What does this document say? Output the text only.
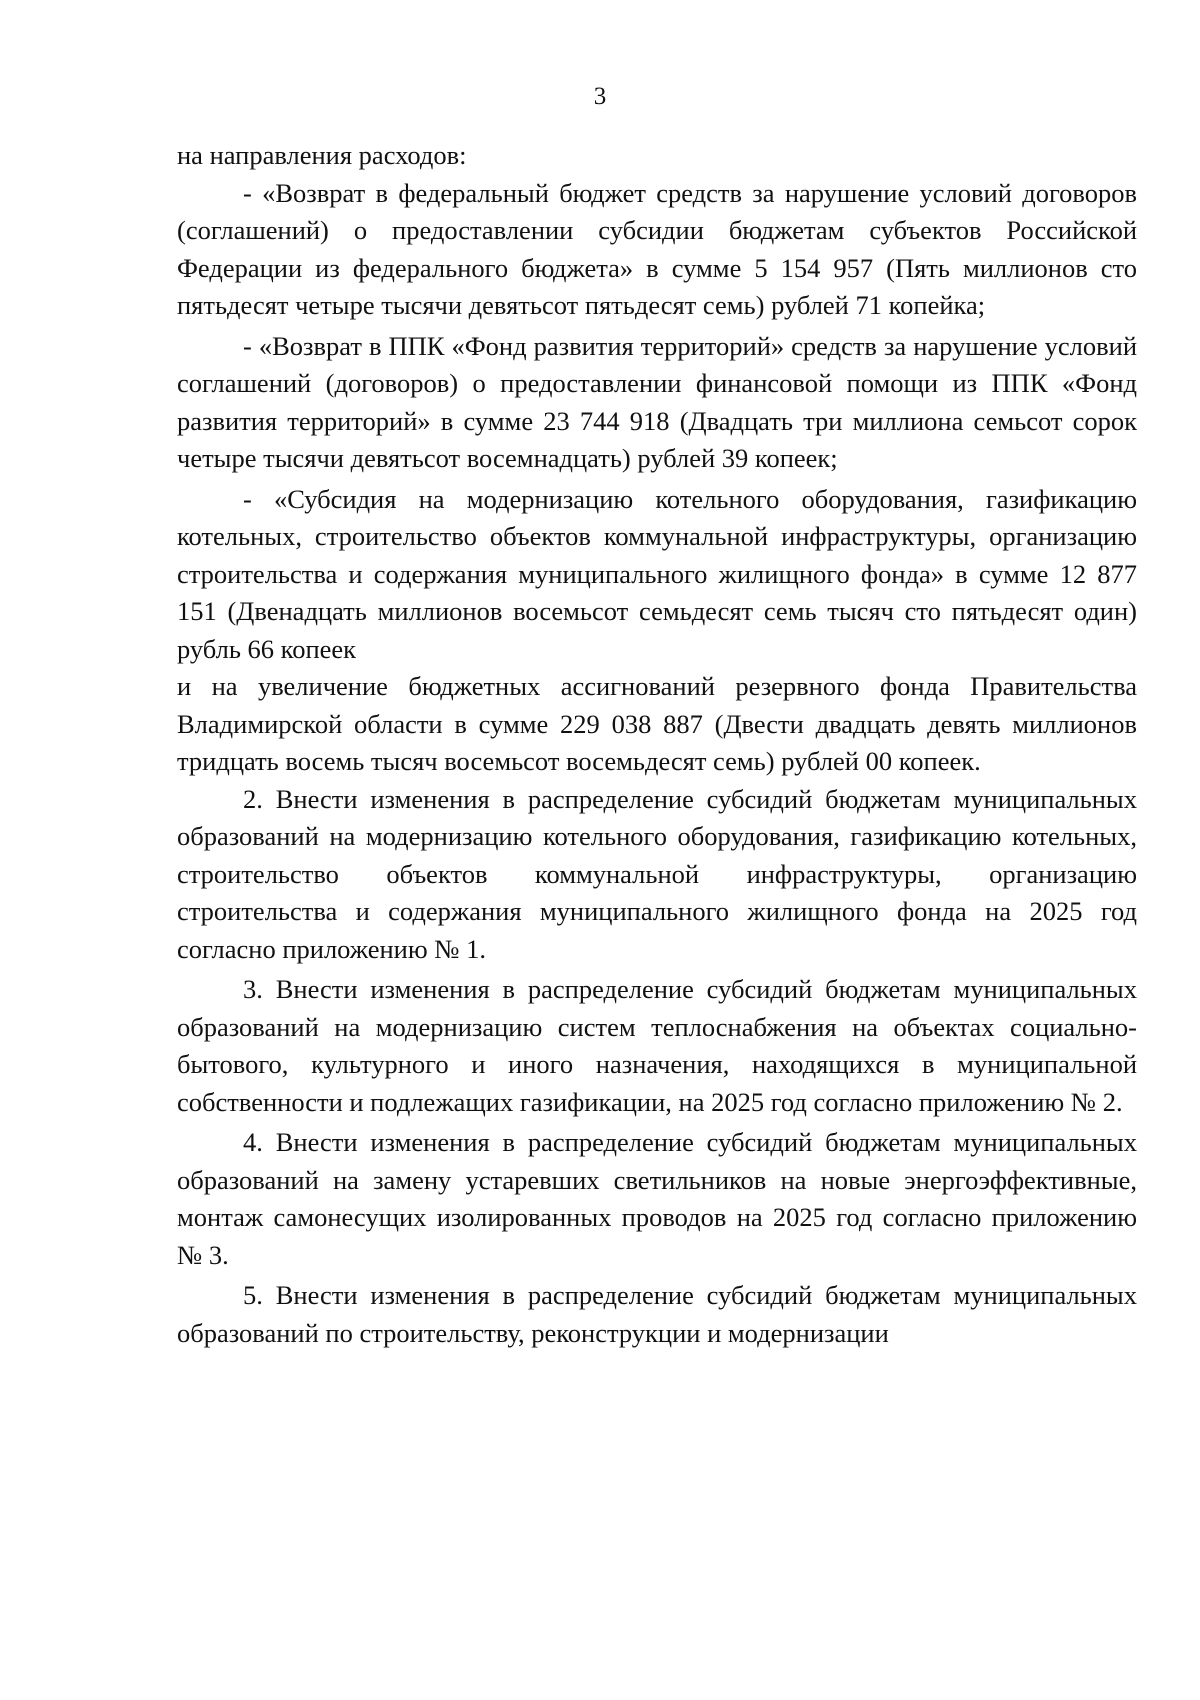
3

на направления расходов:

- «Возврат в федеральный бюджет средств за нарушение условий договоров (соглашений) о предоставлении субсидии бюджетам субъектов Российской Федерации из федерального бюджета» в сумме 5 154 957 (Пять миллионов сто пятьдесят четыре тысячи девятьсот пятьдесят семь) рублей 71 копейка;

- «Возврат в ППК «Фонд развития территорий» средств за нарушение условий соглашений (договоров) о предоставлении финансовой помощи из ППК «Фонд развития территорий» в сумме 23 744 918 (Двадцать три миллиона семьсот сорок четыре тысячи девятьсот восемнадцать) рублей 39 копеек;

- «Субсидия на модернизацию котельного оборудования, газификацию котельных, строительство объектов коммунальной инфраструктуры, организацию строительства и содержания муниципального жилищного фонда» в сумме 12 877 151 (Двенадцать миллионов восемьсот семьдесят семь тысяч сто пятьдесят один) рубль 66 копеек

и на увеличение бюджетных ассигнований резервного фонда Правительства Владимирской области в сумме 229 038 887 (Двести двадцать девять миллионов тридцать восемь тысяч восемьсот восемьдесят семь) рублей 00 копеек.

2. Внести изменения в распределение субсидий бюджетам муниципальных образований на модернизацию котельного оборудования, газификацию котельных, строительство объектов коммунальной инфраструктуры, организацию строительства и содержания муниципального жилищного фонда на 2025 год согласно приложению № 1.

3. Внести изменения в распределение субсидий бюджетам муниципальных образований на модернизацию систем теплоснабжения на объектах социально-бытового, культурного и иного назначения, находящихся в муниципальной собственности и подлежащих газификации, на 2025 год согласно приложению № 2.

4. Внести изменения в распределение субсидий бюджетам муниципальных образований на замену устаревших светильников на новые энергоэффективные, монтаж самонесущих изолированных проводов на 2025 год согласно приложению № 3.

5. Внести изменения в распределение субсидий бюджетам муниципальных образований по строительству, реконструкции и модернизации
